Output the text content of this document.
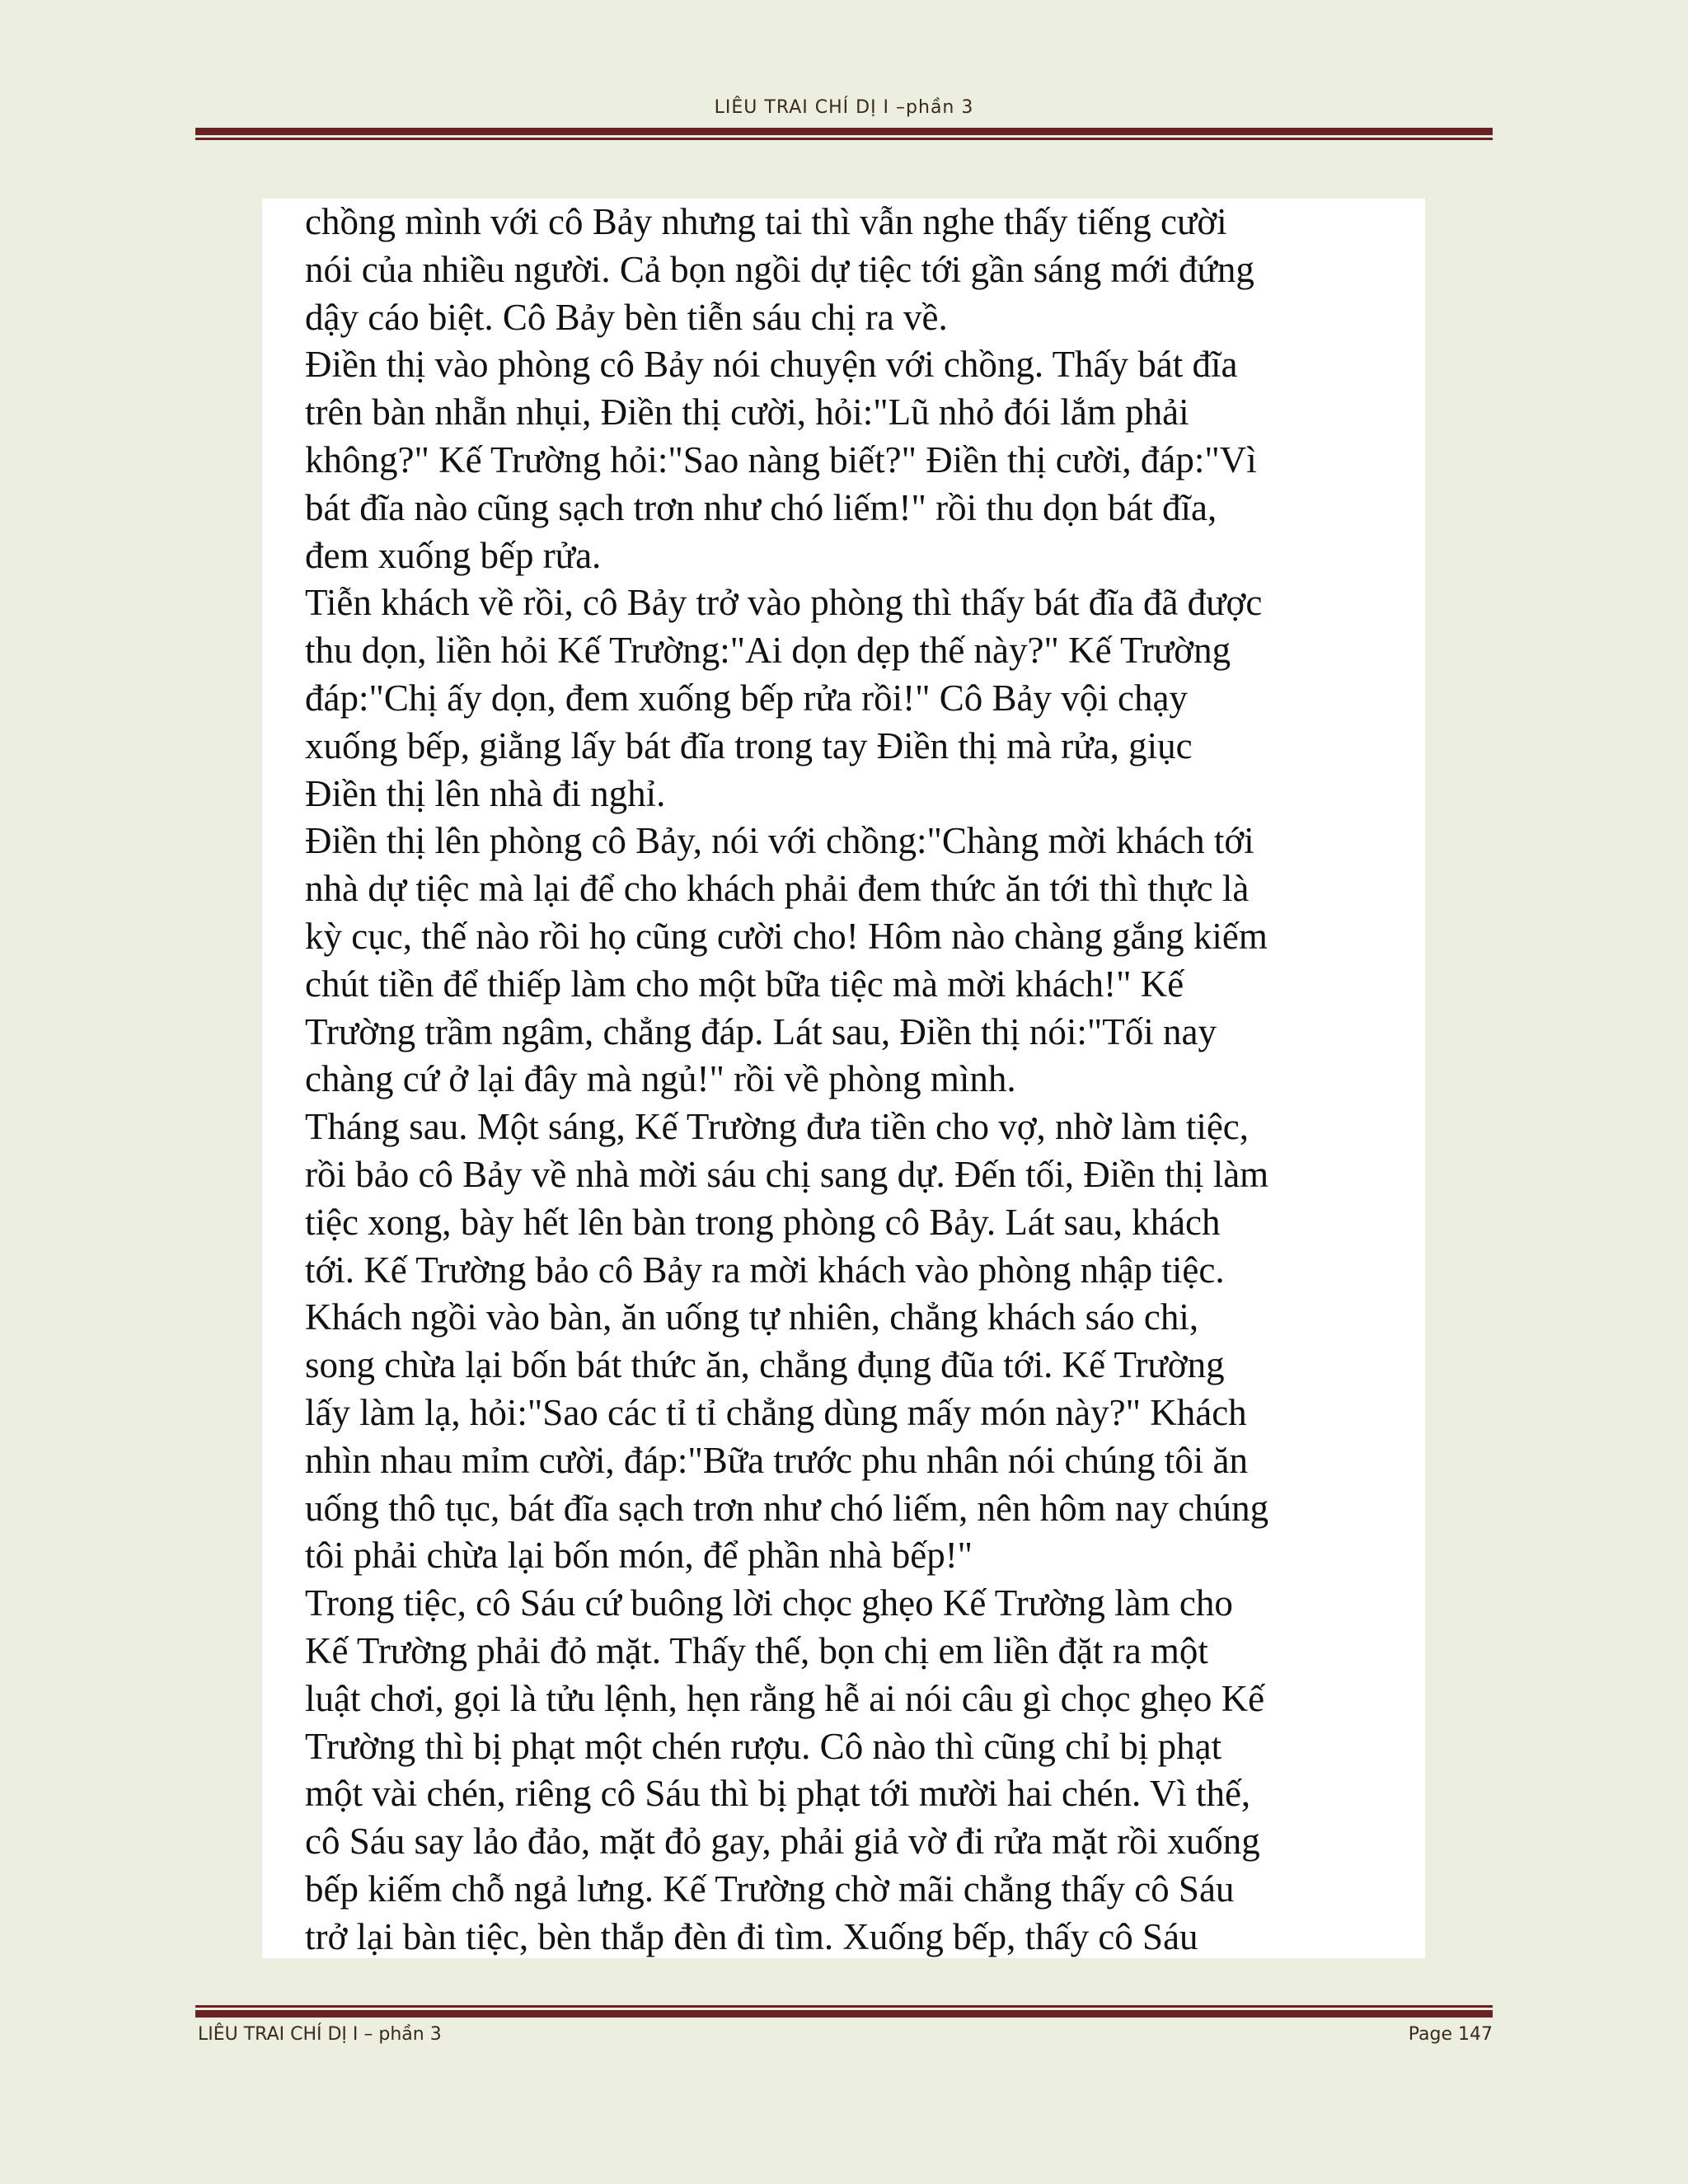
LIÊU TRAI CHÍ DỊ I –phần 3
chồng mình với cô Bảy nhưng tai thì vẫn nghe thấy tiếng cười
nói của nhiều người. Cả bọn ngồi dự tiệc tới gần sáng mới đứng
dậy cáo biệt. Cô Bảy bèn tiễn sáu chị ra về.
Điền thị vào phòng cô Bảy nói chuyện với chồng. Thấy bát đĩa
trên bàn nhẵn nhụi, Điền thị cười, hỏi:"Lũ nhỏ đói lắm phải
không?" Kế Trường hỏi:"Sao nàng biết?" Điền thị cười, đáp:"Vì
bát đĩa nào cũng sạch trơn như chó liếm!" rồi thu dọn bát đĩa,
đem xuống bếp rửa.
Tiễn khách về rồi, cô Bảy trở vào phòng thì thấy bát đĩa đã được
thu dọn, liền hỏi Kế Trường:"Ai dọn dẹp thế này?" Kế Trường
đáp:"Chị ấy dọn, đem xuống bếp rửa rồi!" Cô Bảy vội chạy
xuống bếp, giằng lấy bát đĩa trong tay Điền thị mà rửa, giục
Điền thị lên nhà đi nghỉ.
Điền thị lên phòng cô Bảy, nói với chồng:"Chàng mời khách tới
nhà dự tiệc mà lại để cho khách phải đem thức ăn tới thì thực là
kỳ cục, thế nào rồi họ cũng cười cho! Hôm nào chàng gắng kiếm
chút tiền để thiếp làm cho một bữa tiệc mà mời khách!" Kế
Trường trầm ngâm, chẳng đáp. Lát sau, Điền thị nói:"Tối nay
chàng cứ ở lại đây mà ngủ!" rồi về phòng mình.
Tháng sau. Một sáng, Kế Trường đưa tiền cho vợ, nhờ làm tiệc,
rồi bảo cô Bảy về nhà mời sáu chị sang dự. Đến tối, Điền thị làm
tiệc xong, bày hết lên bàn trong phòng cô Bảy. Lát sau, khách
tới. Kế Trường bảo cô Bảy ra mời khách vào phòng nhập tiệc.
Khách ngồi vào bàn, ăn uống tự nhiên, chẳng khách sáo chi,
song chừa lại bốn bát thức ăn, chẳng đụng đũa tới. Kế Trường
lấy làm lạ, hỏi:"Sao các tỉ tỉ chẳng dùng mấy món này?" Khách
nhìn nhau mỉm cười, đáp:"Bữa trước phu nhân nói chúng tôi ăn
uống thô tục, bát đĩa sạch trơn như chó liếm, nên hôm nay chúng
tôi phải chừa lại bốn món, để phần nhà bếp!"
Trong tiệc, cô Sáu cứ buông lời chọc ghẹo Kế Trường làm cho
Kế Trường phải đỏ mặt. Thấy thế, bọn chị em liền đặt ra một
luật chơi, gọi là tửu lệnh, hẹn rằng hễ ai nói câu gì chọc ghẹo Kế
Trường thì bị phạt một chén rượu. Cô nào thì cũng chỉ bị phạt
một vài chén, riêng cô Sáu thì bị phạt tới mười hai chén. Vì thế,
cô Sáu say lảo đảo, mặt đỏ gay, phải giả vờ đi rửa mặt rồi xuống
bếp kiếm chỗ ngả lưng. Kế Trường chờ mãi chẳng thấy cô Sáu
trở lại bàn tiệc, bèn thắp đèn đi tìm. Xuống bếp, thấy cô Sáu
LIÊU TRAI CHÍ DỊ I – phần 3	Page 147
